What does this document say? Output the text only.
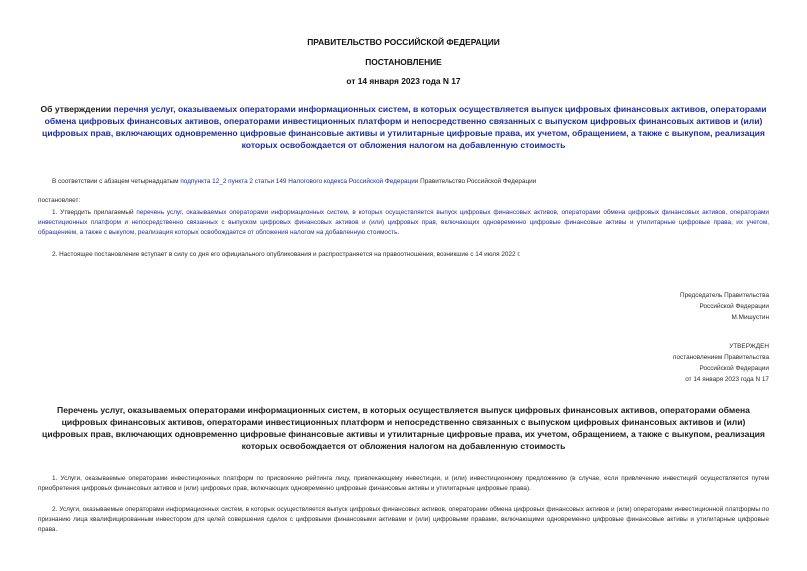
ПРАВИТЕЛЬСТВО РОССИЙСКОЙ ФЕДЕРАЦИИ
ПОСТАНОВЛЕНИЕ
от 14 января 2023 года N 17
Об утверждении перечня услуг, оказываемых операторами информационных систем, в которых осуществляется выпуск цифровых финансовых активов, операторами обмена цифровых финансовых активов, операторами инвестиционных платформ и непосредственно связанных с выпуском цифровых финансовых активов и (или) цифровых прав, включающих одновременно цифровые финансовые активы и утилитарные цифровые права, их учетом, обращением, а также с выкупом, реализация которых освобождается от обложения налогом на добавленную стоимость
В соответствии с абзацем четырнадцатым подпункта 12_2 пункта 2 статьи 149 Налогового кодекса Российской Федерации Правительство Российской Федерации
постановляет:
1. Утвердить прилагаемый перечень услуг, оказываемых операторами информационных систем, в которых осуществляется выпуск цифровых финансовых активов, операторами обмена цифровых финансовых активов, операторами инвестиционных платформ и непосредственно связанных с выпуском цифровых финансовых активов и (или) цифровых прав, включающих одновременно цифровые финансовые активы и утилитарные цифровые права, их учетом, обращением, а также с выкупом, реализация которых освобождается от обложения налогом на добавленную стоимость.
2. Настоящее постановление вступает в силу со дня его официального опубликования и распространяется на правоотношения, возникшие с 14 июля 2022 г.
Председатель Правительства
Российской Федерации
М.Мишустин
УТВЕРЖДЕН
постановлением Правительства
Российской Федерации
от 14 января 2023 года N 17
Перечень услуг, оказываемых операторами информационных систем, в которых осуществляется выпуск цифровых финансовых активов, операторами обмена цифровых финансовых активов, операторами инвестиционных платформ и непосредственно связанных с выпуском цифровых финансовых активов и (или) цифровых прав, включающих одновременно цифровые финансовые активы и утилитарные цифровые права, их учетом, обращением, а также с выкупом, реализация которых освобождается от обложения налогом на добавленную стоимость
1. Услуги, оказываемые операторами инвестиционных платформ по присвоению рейтинга лицу, привлекающему инвестиции, и (или) инвестиционному предложению (в случае, если привлечение инвестиций осуществляется путем приобретения цифровых финансовых активов и (или) цифровых прав, включающих одновременно цифровые финансовые активы и утилитарные цифровые права).
2. Услуги, оказываемые операторами информационных систем, в которых осуществляется выпуск цифровых финансовых активов, операторами обмена цифровых финансовых активов и (или) операторами инвестиционной платформы по признанию лица квалифицированным инвестором для целей совершения сделок с цифровыми финансовыми активами и (или) цифровыми правами, включающими одновременно цифровые финансовые активы и утилитарные цифровые права.
